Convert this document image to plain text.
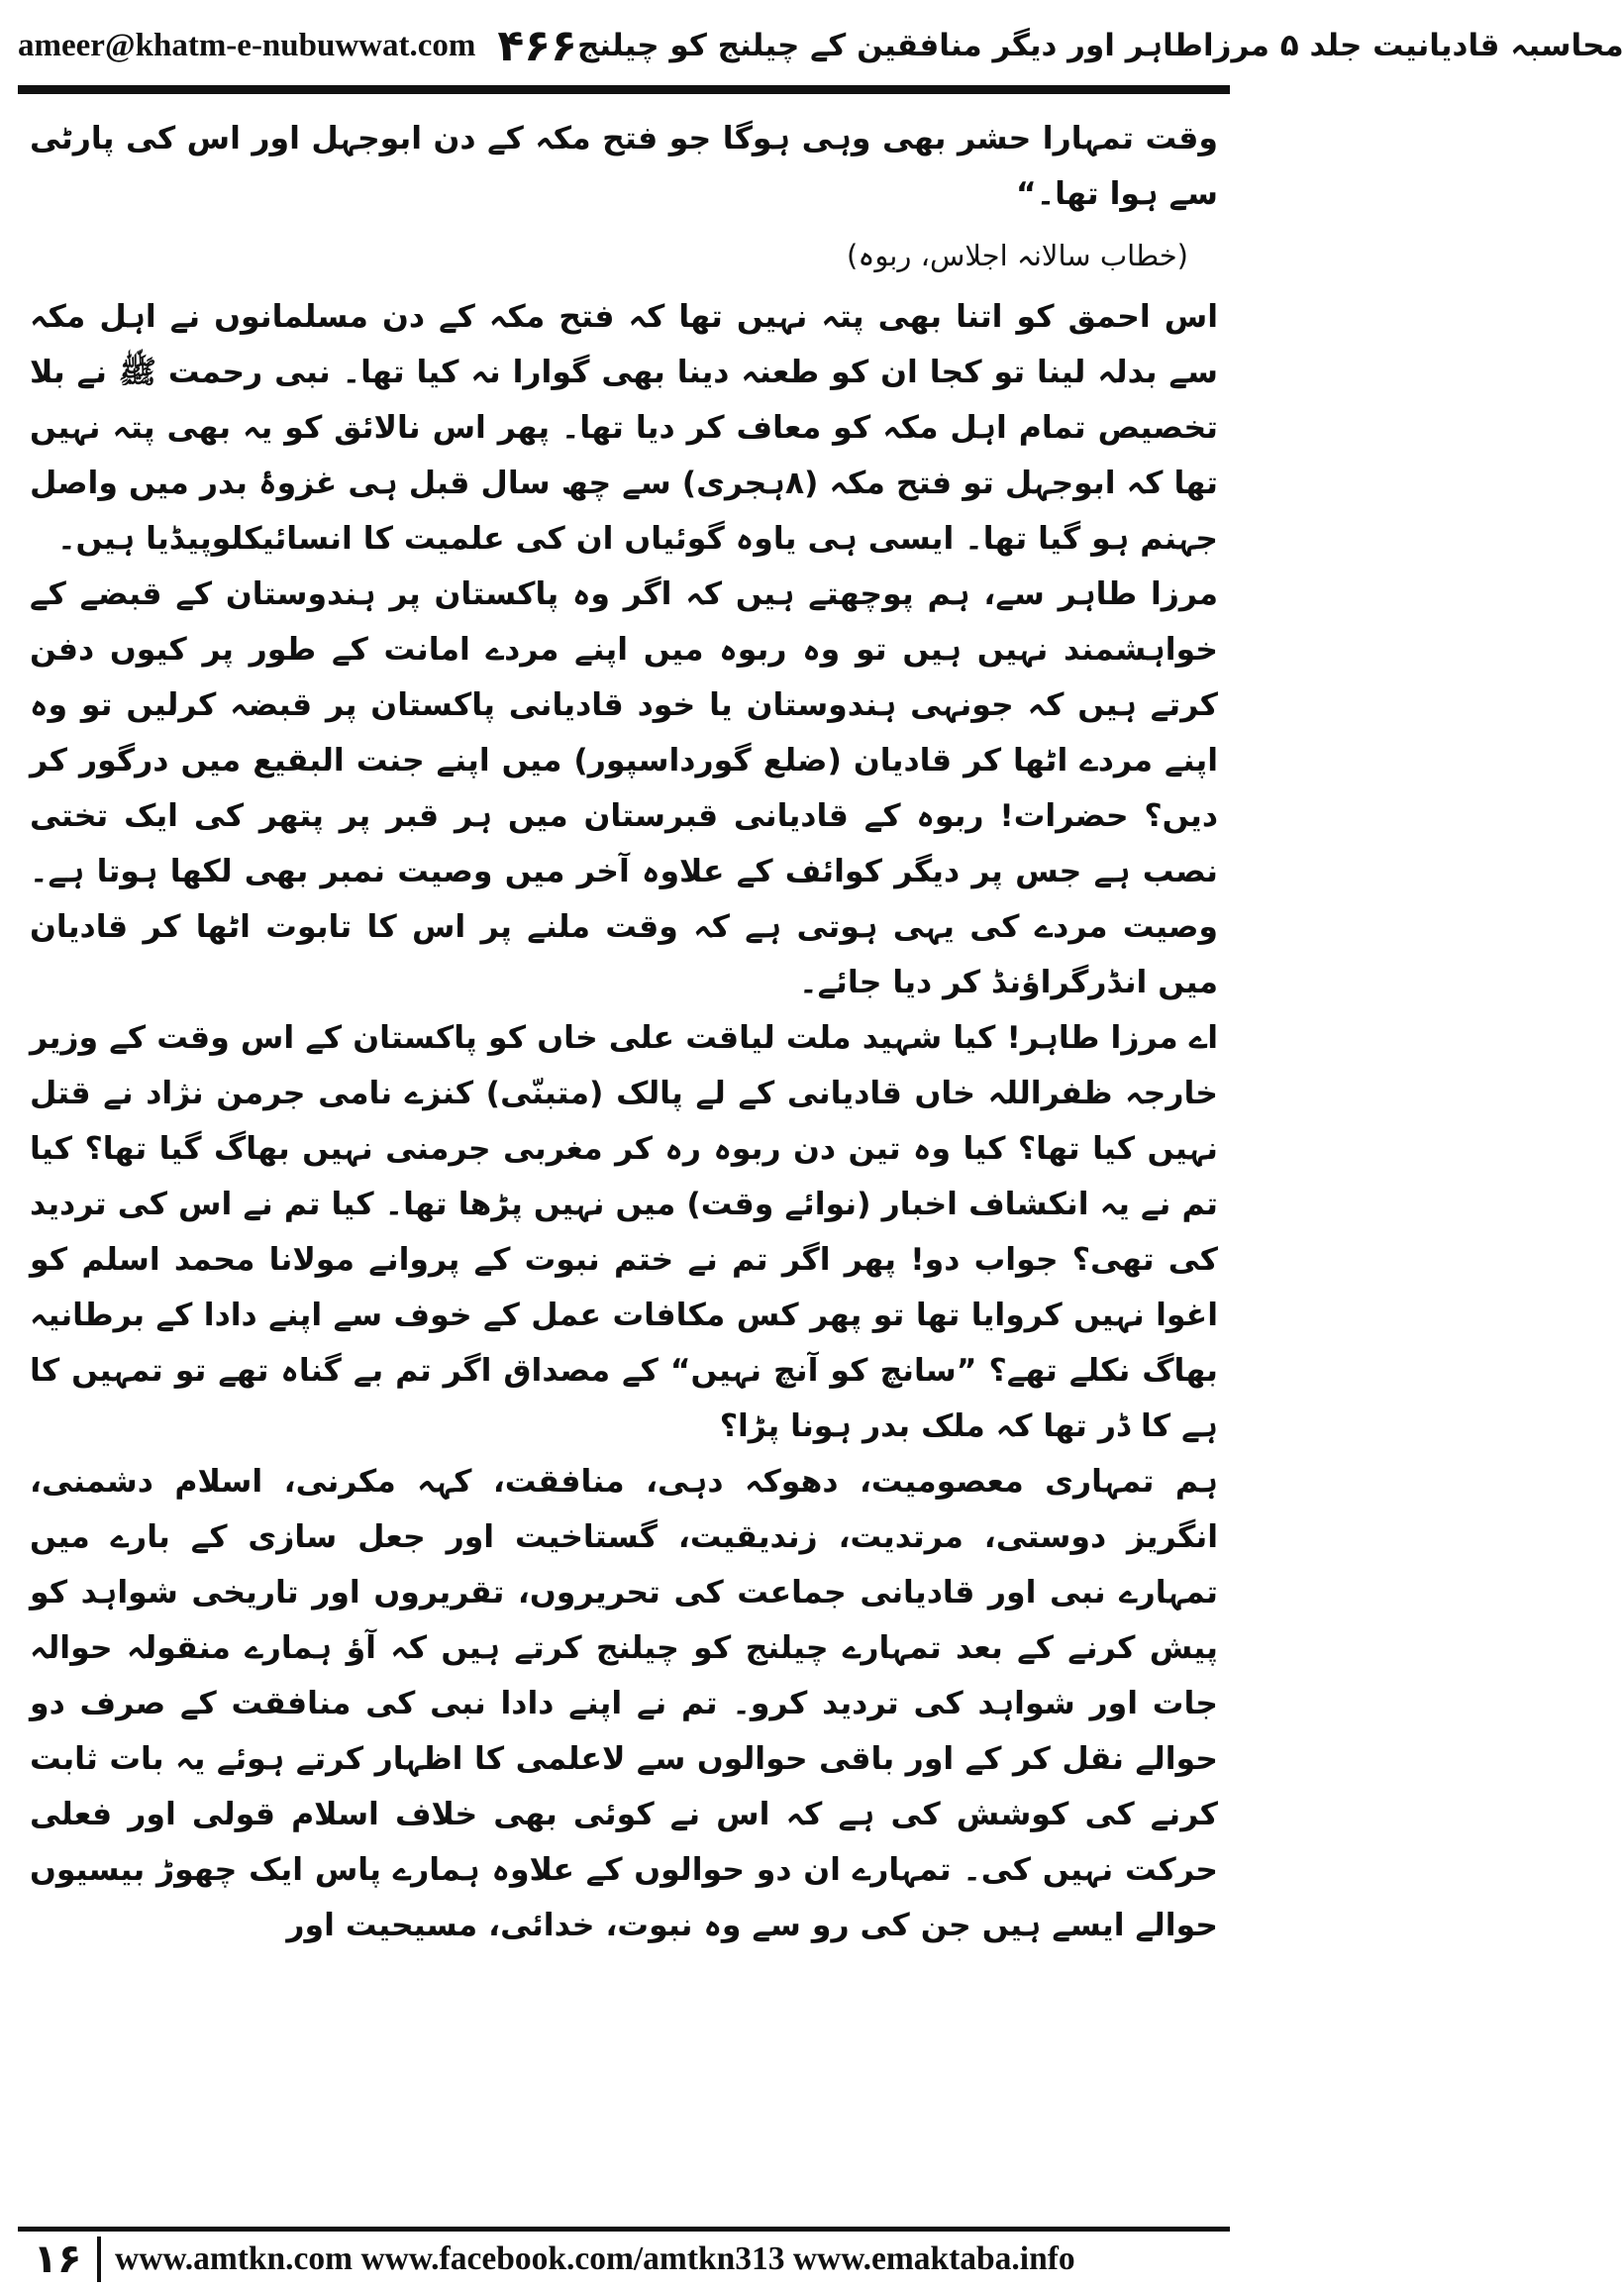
ameer@khatm-e-nubuwwat.com ۴۶۶ محاسبہ قادیانیت جلد ۵ مرزاطاہر اور دیگر منافقین کے چیلنج کو چیلنج

وقت تمہارا حشر بھی وہی ہوگا جو فتح مکہ کے دن ابوجہل اور اس کی پارٹی سے ہوا تھا۔“

(خطاب سالانہ اجلاس، ربوہ)

اس احمق کو اتنا بھی پتہ نہیں تھا کہ فتح مکہ کے دن مسلمانوں نے اہل مکہ سے بدلہ لینا تو کجا ان کو طعنہ دینا بھی گوارا نہ کیا تھا۔ نبی رحمت ﷺ نے بلا تخصیص تمام اہل مکہ کو معاف کر دیا تھا۔ پھر اس نالائق کو یہ بھی پتہ نہیں تھا کہ ابوجہل تو فتح مکہ (۸ہجری) سے چھ سال قبل ہی غزوۂ بدر میں واصل جہنم ہو گیا تھا۔ ایسی ہی یاوہ گوئیاں ان کی علمیت کا انسائیکلوپیڈیا ہیں۔

مرزا طاہر سے، ہم پوچھتے ہیں کہ اگر وہ پاکستان پر ہندوستان کے قبضے کے خواہشمند نہیں ہیں تو وہ ربوہ میں اپنے مردے امانت کے طور پر کیوں دفن کرتے ہیں کہ جونہی ہندوستان یا خود قادیانی پاکستان پر قبضہ کرلیں تو وہ اپنے مردے اٹھا کر قادیان (ضلع گورداسپور) میں اپنے جنت البقیع میں درگور کر دیں؟ حضرات! ربوہ کے قادیانی قبرستان میں ہر قبر پر پتھر کی ایک تختی نصب ہے جس پر دیگر کوائف کے علاوہ آخر میں وصیت نمبر بھی لکھا ہوتا ہے۔ وصیت مردے کی یہی ہوتی ہے کہ وقت ملنے پر اس کا تابوت اٹھا کر قادیان میں انڈرگراؤنڈ کر دیا جائے۔

اے مرزا طاہر! کیا شہید ملت لیاقت علی خاں کو پاکستان کے اس وقت کے وزیر خارجہ ظفراللہ خاں قادیانی کے لے پالک (متبنّی) کنزے نامی جرمن نژاد نے قتل نہیں کیا تھا؟ کیا وہ تین دن ربوہ رہ کر مغربی جرمنی نہیں بھاگ گیا تھا؟ کیا تم نے یہ انکشاف اخبار (نوائے وقت) میں نہیں پڑھا تھا۔ کیا تم نے اس کی تردید کی تھی؟ جواب دو! پھر اگر تم نے ختم نبوت کے پروانے مولانا محمد اسلم کو اغوا نہیں کروایا تھا تو پھر کس مکافات عمل کے خوف سے اپنے دادا کے برطانیہ بھاگ نکلے تھے؟ ”سانچ کو آنچ نہیں“ کے مصداق اگر تم بے گناہ تھے تو تمہیں کا ہے کا ڈر تھا کہ ملک بدر ہونا پڑا؟

ہم تمہاری معصومیت، دھوکہ دہی، منافقت، کہہ مکرنی، اسلام دشمنی، انگریز دوستی، مرتدیت، زندیقیت، گستاخیت اور جعل سازی کے بارے میں تمہارے نبی اور قادیانی جماعت کی تحریروں، تقریروں اور تاریخی شواہد کو پیش کرنے کے بعد تمہارے چیلنج کو چیلنج کرتے ہیں کہ آؤ ہمارے منقولہ حوالہ جات اور شواہد کی تردید کرو۔ تم نے اپنے دادا نبی کی منافقت کے صرف دو حوالے نقل کر کے اور باقی حوالوں سے لاعلمی کا اظہار کرتے ہوئے یہ بات ثابت کرنے کی کوشش کی ہے کہ اس نے کوئی بھی خلاف اسلام قولی اور فعلی حرکت نہیں کی۔ تمہارے ان دو حوالوں کے علاوہ ہمارے پاس ایک چھوڑ بیسیوں حوالے ایسے ہیں جن کی رو سے وہ نبوت، خدائی، مسیحیت اور

۱۶	www.amtkn.com www.facebook.com/amtkn313 www.emaktaba.info
